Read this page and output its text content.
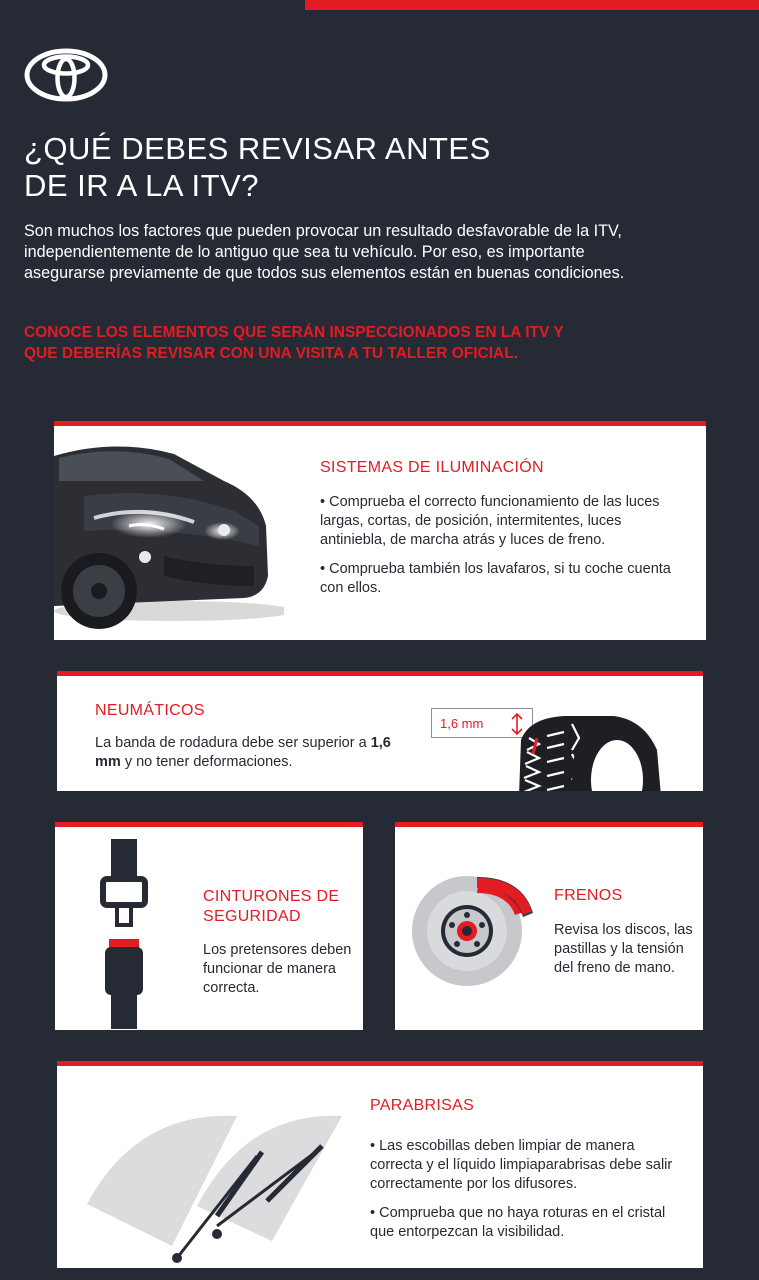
¿QUÉ DEBES REVISAR ANTES
DE IR A LA ITV?

Son muchos los factores que pueden provocar un resultado desfavorable de la ITV, independientemente de lo antiguo que sea tu vehículo. Por eso, es importante asegurarse previamente de que todos sus elementos están en buenas condiciones.

CONOCE LOS ELEMENTOS QUE SERÁN INSPECCIONADOS EN LA ITV Y
QUE DEBERÍAS REVISAR CON UNA VISITA A TU TALLER OFICIAL.

SISTEMAS DE ILUMINACIÓN

• Comprueba el correcto funcionamiento de las luces largas, cortas, de posición, intermitentes, luces antiniebla, de marcha atrás y luces de freno.

• Comprueba también los lavafaros, si tu coche cuenta con ellos.

NEUMÁTICOS

La banda de rodadura debe ser superior a 1,6 mm y no tener deformaciones.

1,6 mm
CINTURONES DE
SEGURIDAD

Los pretensores deben funcionar de manera correcta.

FRENOS

Revisa los discos, las pastillas y la tensión del freno de mano.

PARABRISAS

• Las escobillas deben limpiar de manera correcta y el líquido limpiaparabrisas debe salir correctamente por los difusores.

• Comprueba que no haya roturas en el cristal que entorpezcan la visibilidad.
